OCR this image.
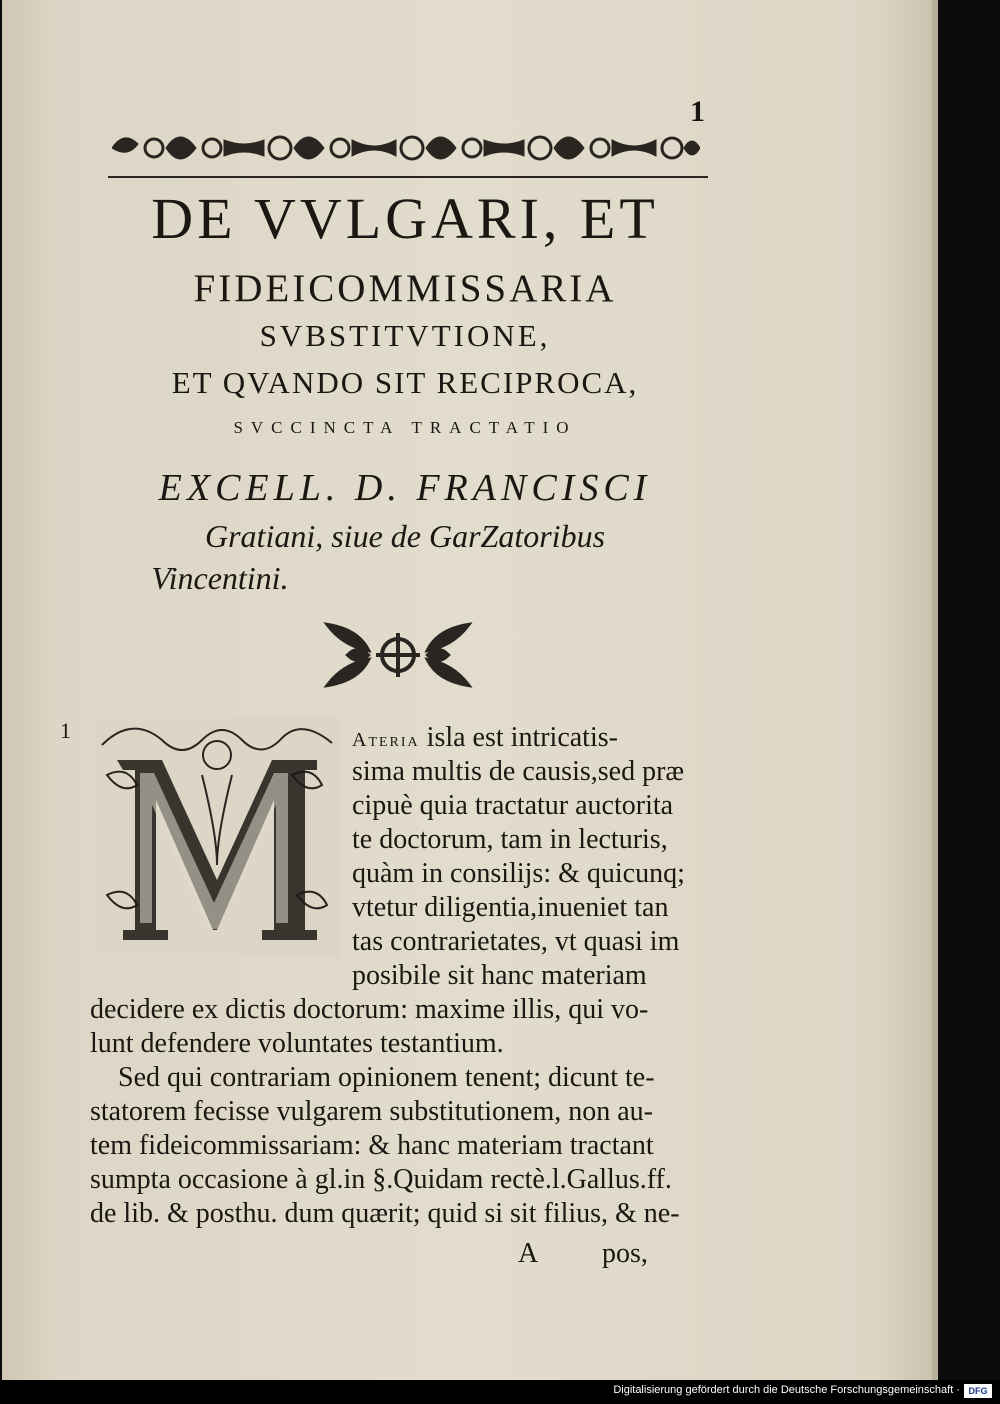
1
DE VVLGARI, ET
FIDEICOMMISSARIA
SVBSTITVTIONE,
ET QVANDO SIT RECIPROCA,
SVCCINCTA TRACTATIO
EXCELL. D. FRANCISCI
Gratiani, siue de GarZatoribus
Vincentini.
1	Ateria isla est intricatis-
sima multis de causis,sed præ
cipuè quia tractatur auctorita
te doctorum, tam in lecturis,
quàm in consilijs: & quicunq;
vtetur diligentia,inueniet tan
tas contrarietates, vt quasi im
posibile sit hanc materiam
decidere ex dictis doctorum: maxime illis, qui vo-
lunt defendere voluntates testantium.
Sed qui contrariam opinionem tenent; dicunt te-
statorem fecisse vulgarem substitutionem, non au-
tem fideicommissariam: & hanc materiam tractant
sumpta occasione à gl.in §.Quidam rectè.l.Gallus.ff.
de lib. & posthu. dum quærit; quid si sit filius, & ne-
A pos,
Digitalisierung gefördert durch die Deutsche Forschungsgemeinschaft · DFG
